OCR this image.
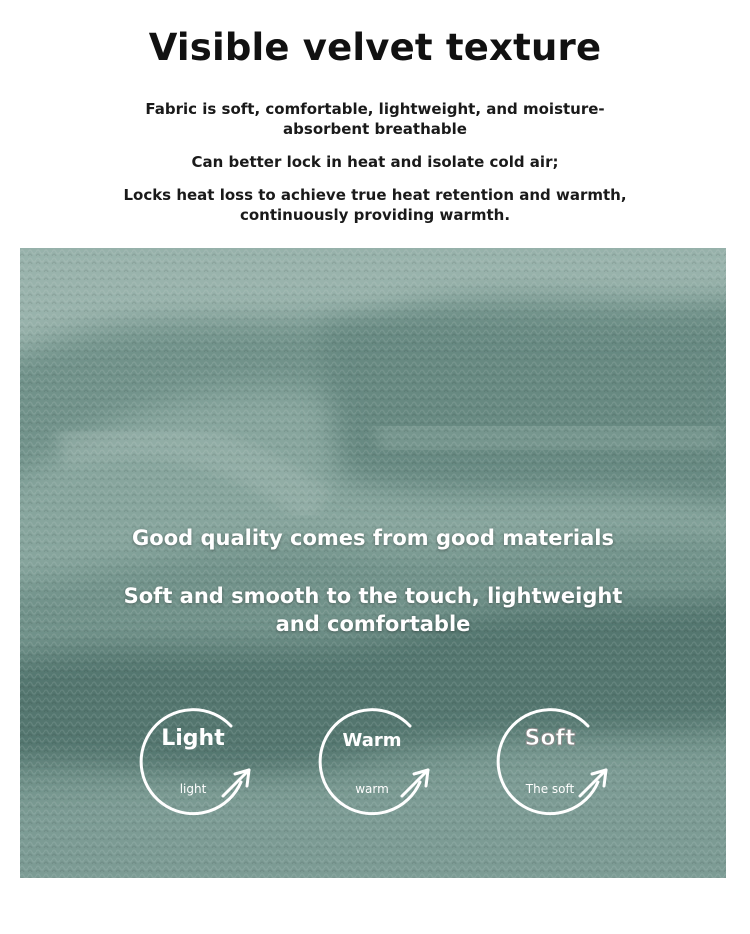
Visible velvet texture
Fabric is soft, comfortable, lightweight, and moisture-absorbent breathable
Can better lock in heat and isolate cold air;
Locks heat loss to achieve true heat retention and warmth, continuously providing warmth.
Good quality comes from good materials
Soft and smooth to the touch, lightweight and comfortable
Light
light
Warm
warm
Soft
The soft
